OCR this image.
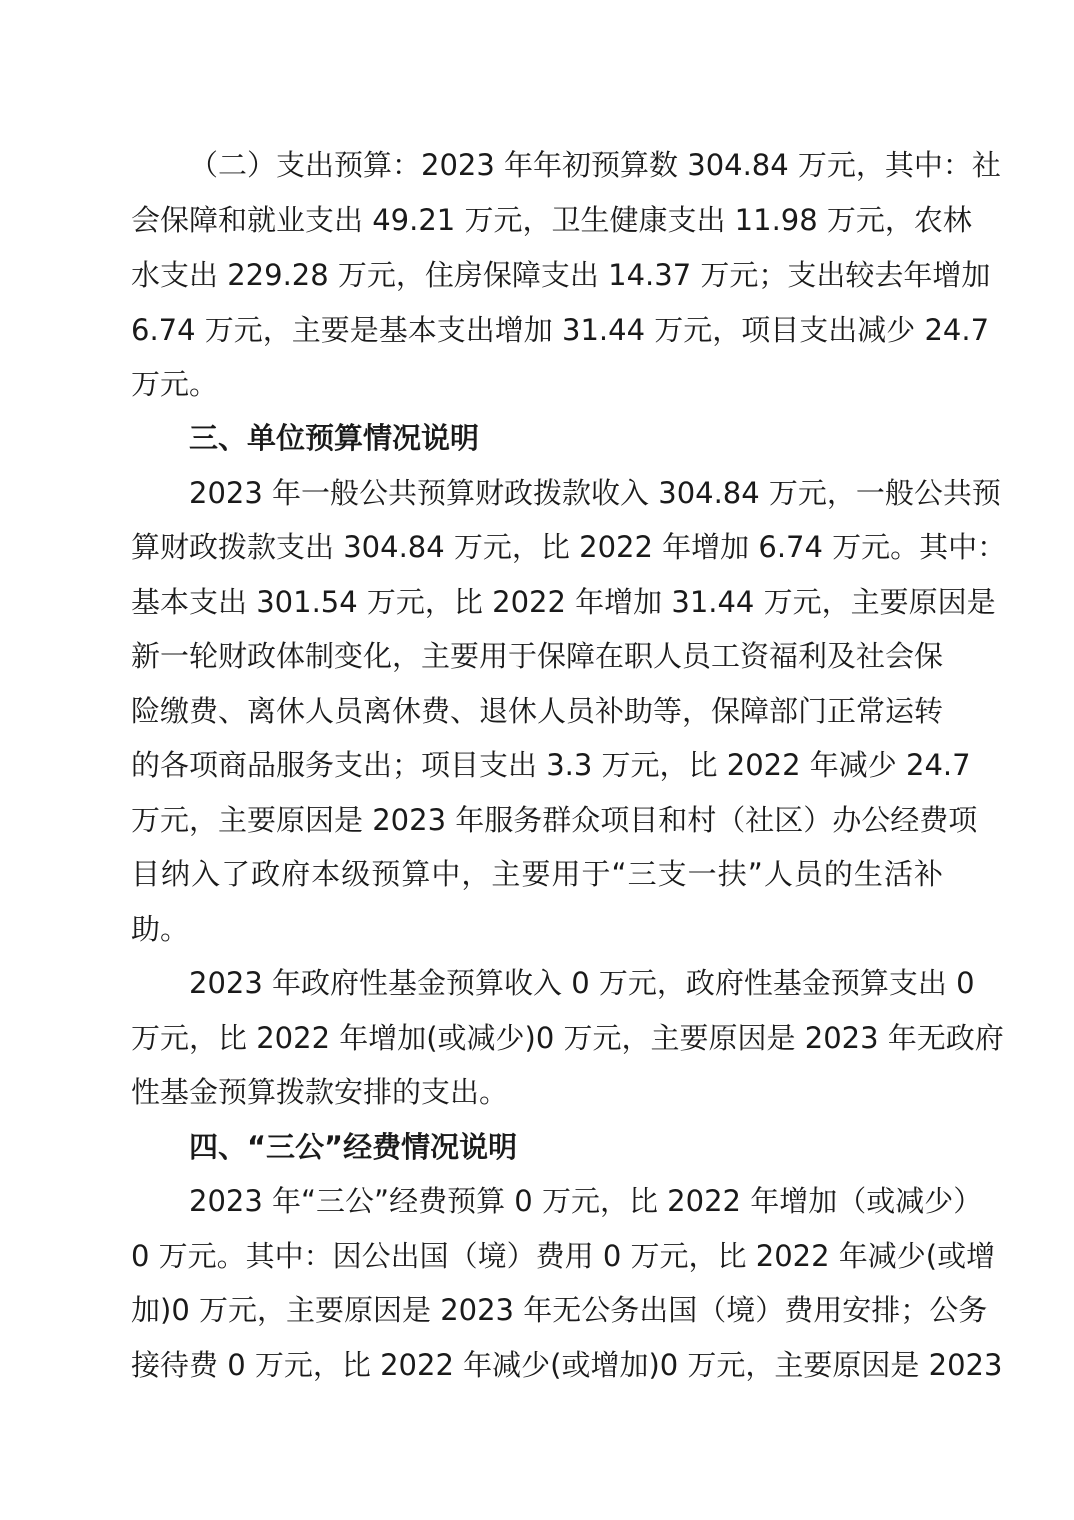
（二）支出预算：2023 年年初预算数 304.84 万元，其中：社
会保障和就业支出 49.21 万元，卫生健康支出 11.98 万元，农林
水支出 229.28 万元，住房保障支出 14.37 万元；支出较去年增加
6.74 万元，主要是基本支出增加 31.44 万元，项目支出减少 24.7
万元。
三、单位预算情况说明
2023 年一般公共预算财政拨款收入 304.84 万元，一般公共预
算财政拨款支出 304.84 万元，比 2022 年增加 6.74 万元。其中：
基本支出 301.54 万元，比 2022 年增加 31.44 万元，主要原因是
新一轮财政体制变化，主要用于保障在职人员工资福利及社会保
险缴费、离休人员离休费、退休人员补助等，保障部门正常运转
的各项商品服务支出；项目支出 3.3 万元，比 2022 年减少 24.7
万元，主要原因是 2023 年服务群众项目和村（社区）办公经费项
目纳入了政府本级预算中，主要用于“三支一扶”人员的生活补
助。
2023 年政府性基金预算收入 0 万元，政府性基金预算支出 0
万元，比 2022 年增加(或减少)0 万元，主要原因是 2023 年无政府
性基金预算拨款安排的支出。
四、“三公”经费情况说明
2023 年“三公”经费预算 0 万元，比 2022 年增加（或减少）
0 万元。其中：因公出国（境）费用 0 万元，比 2022 年减少(或增
加)0 万元，主要原因是 2023 年无公务出国（境）费用安排；公务
接待费 0 万元，比 2022 年减少(或增加)0 万元，主要原因是 2023
